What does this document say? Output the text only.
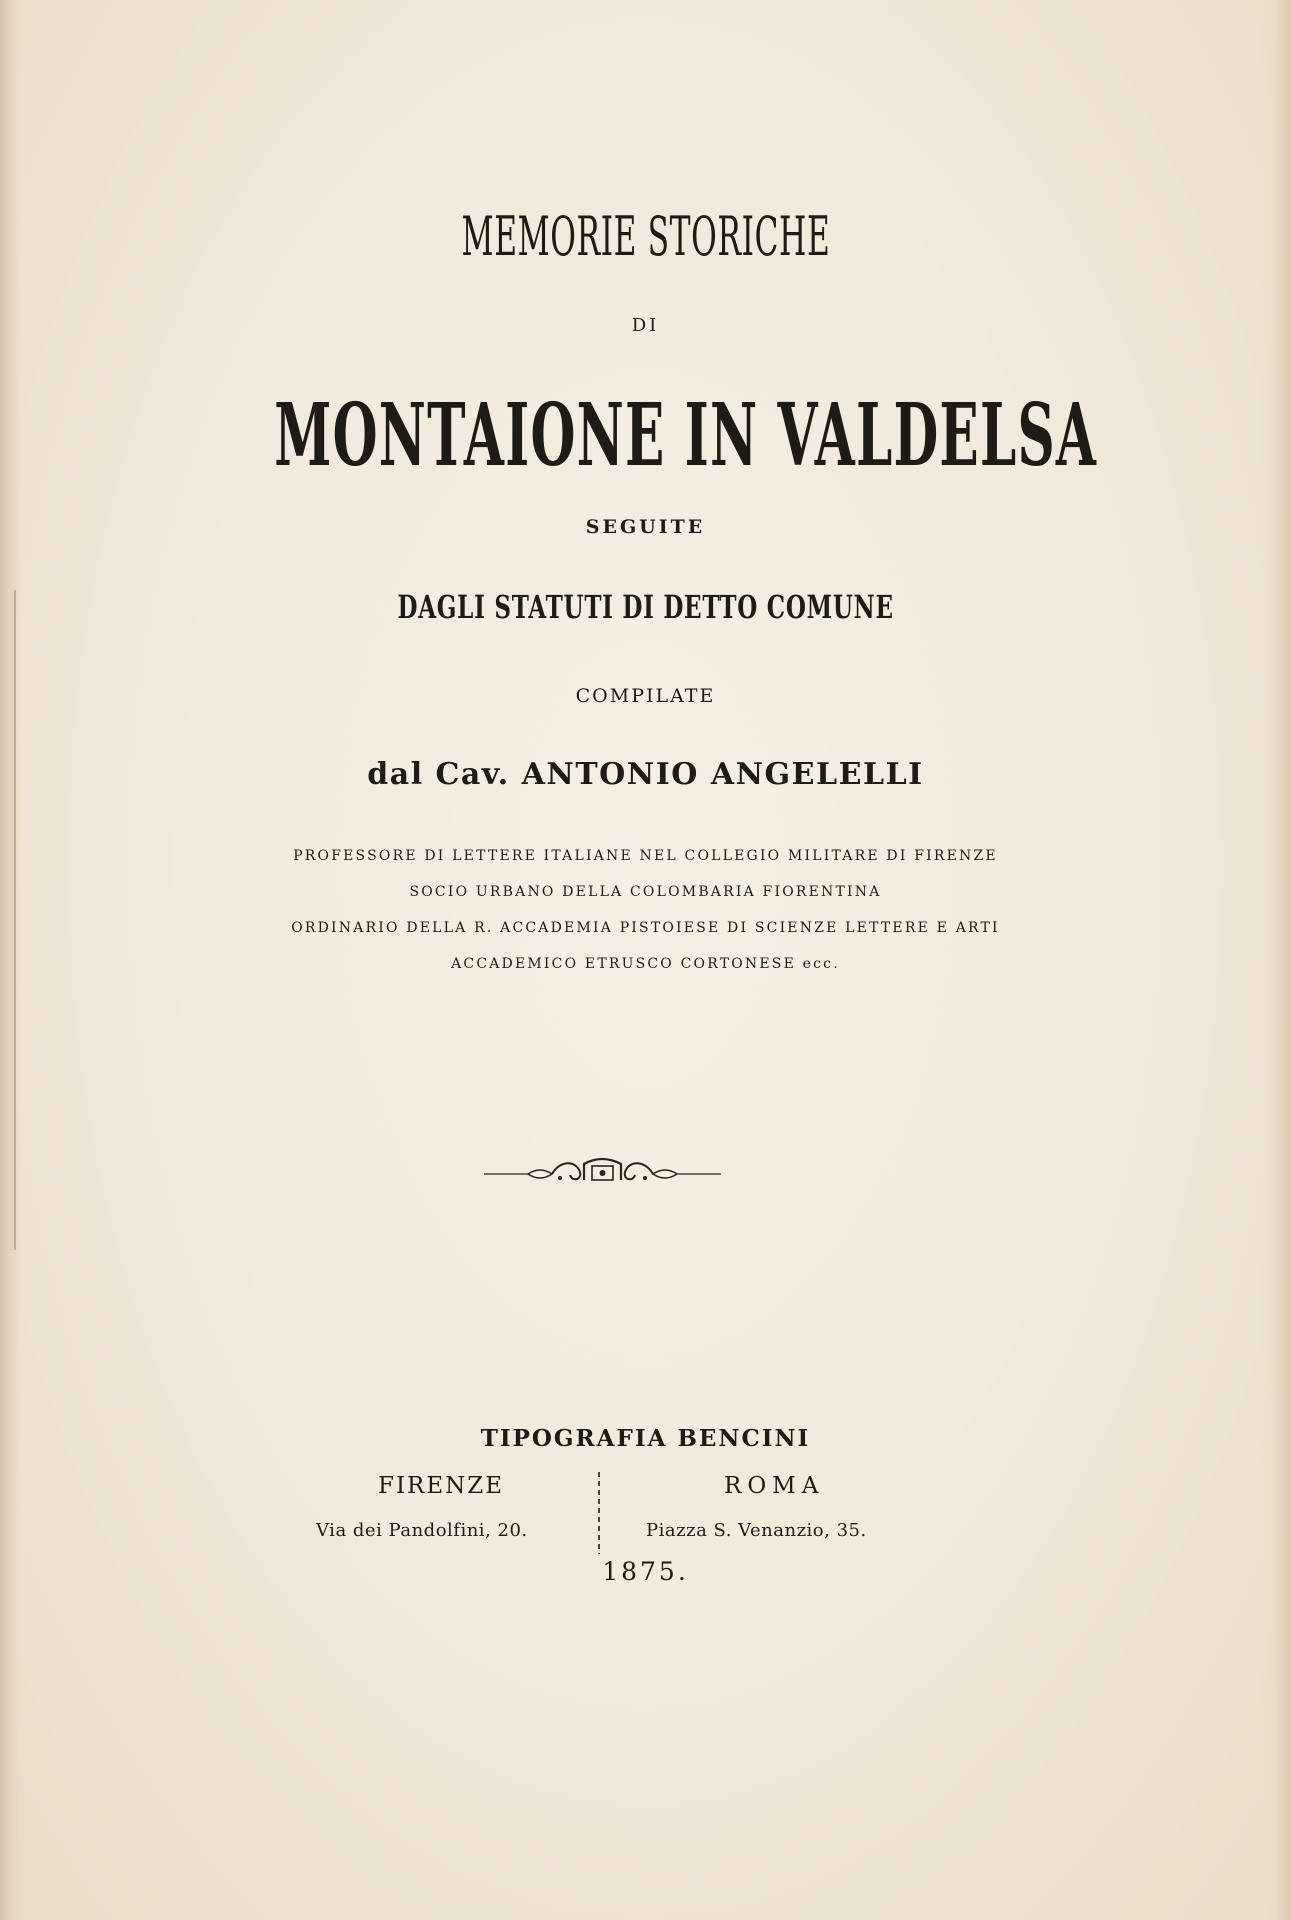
MEMORIE STORICHE
DI
MONTAIONE IN VALDELSA
SEGUITE
DAGLI STATUTI DI DETTO COMUNE
COMPILATE
dal Cav. ANTONIO ANGELELLI
PROFESSORE DI LETTERE ITALIANE NEL COLLEGIO MILITARE DI FIRENZE
SOCIO URBANO DELLA COLOMBARIA FIORENTINA
ORDINARIO DELLA R. ACCADEMIA PISTOIESE DI SCIENZE LETTERE E ARTI
ACCADEMICO ETRUSCO CORTONESE ecc.
TIPOGRAFIA BENCINI
FIRENZE	ROMA
Via dei Pandolfini, 20.	Piazza S. Venanzio, 35.
1875.
